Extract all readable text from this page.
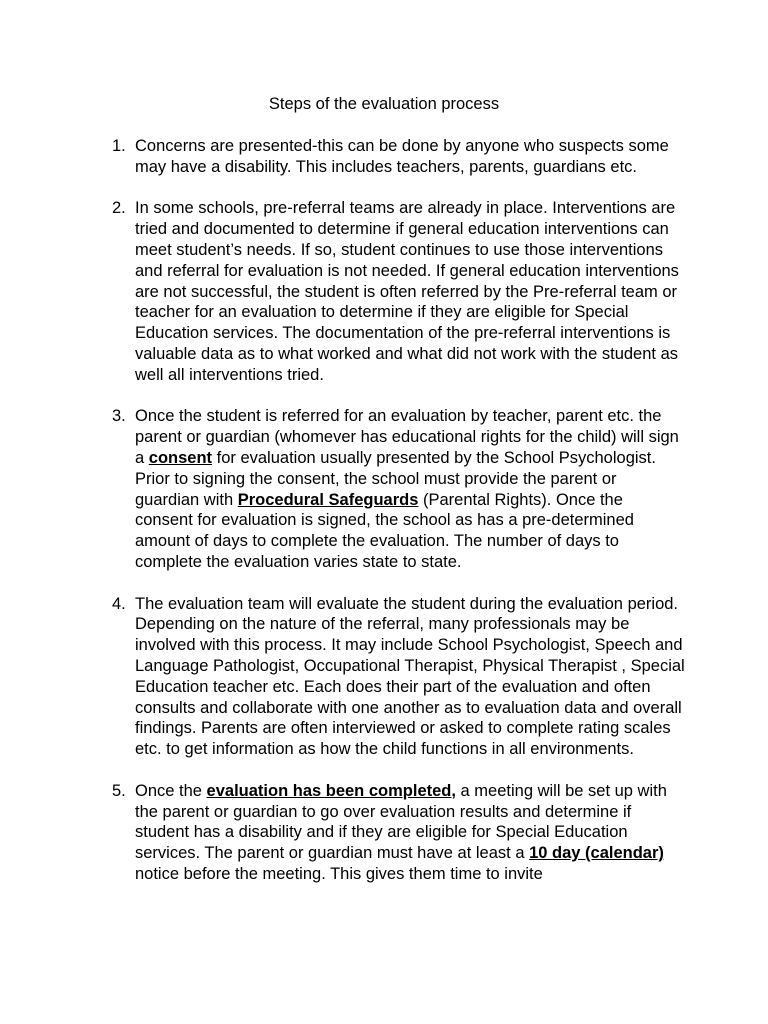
Steps of the evaluation process
1. Concerns are presented-this can be done by anyone who suspects some may have a disability. This includes teachers, parents, guardians etc.
2. In some schools, pre-referral teams are already in place. Interventions are tried and documented to determine if general education interventions can meet student’s needs. If so, student continues to use those interventions and referral for evaluation is not needed. If general education interventions are not successful, the student is often referred by the Pre-referral team or teacher for an evaluation to determine if they are eligible for Special Education services. The documentation of the pre-referral interventions is valuable data as to what worked and what did not work with the student as well all interventions tried.
3. Once the student is referred for an evaluation by teacher, parent etc. the parent or guardian (whomever has educational rights for the child) will sign a consent for evaluation usually presented by the School Psychologist. Prior to signing the consent, the school must provide the parent or guardian with Procedural Safeguards (Parental Rights). Once the consent for evaluation is signed, the school as has a pre-determined amount of days to complete the evaluation. The number of days to complete the evaluation varies state to state.
4. The evaluation team will evaluate the student during the evaluation period. Depending on the nature of the referral, many professionals may be involved with this process. It may include School Psychologist, Speech and Language Pathologist, Occupational Therapist, Physical Therapist , Special Education teacher etc. Each does their part of the evaluation and often consults and collaborate with one another as to evaluation data and overall findings. Parents are often interviewed or asked to complete rating scales etc. to get information as how the child functions in all environments.
5. Once the evaluation has been completed, a meeting will be set up with the parent or guardian to go over evaluation results and determine if student has a disability and if they are eligible for Special Education services. The parent or guardian must have at least a 10 day (calendar) notice before the meeting. This gives them time to invite
